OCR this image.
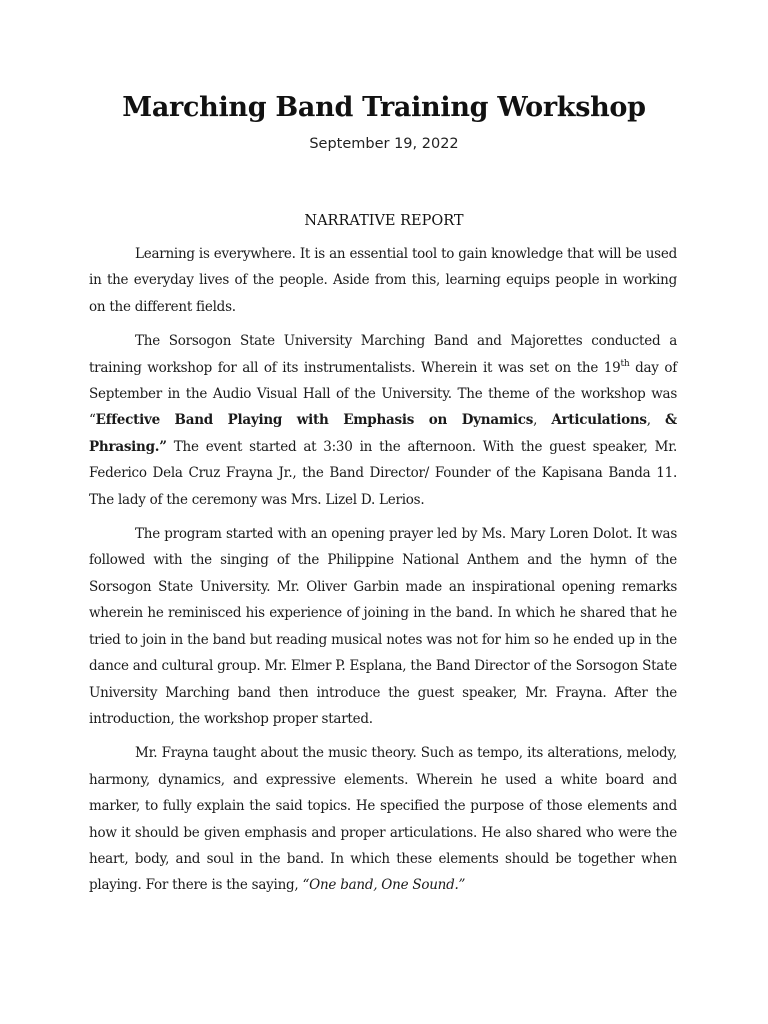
Marching Band Training Workshop
September 19, 2022
NARRATIVE REPORT

Learning is everywhere. It is an essential tool to gain knowledge that will be used in the everyday lives of the people. Aside from this, learning equips people in working on the different fields.

The Sorsogon State University Marching Band and Majorettes conducted a training workshop for all of its instrumentalists. Wherein it was set on the 19th day of September in the Audio Visual Hall of the University. The theme of the workshop was “Effective Band Playing with Emphasis on Dynamics, Articulations, & Phrasing.” The event started at 3:30 in the afternoon. With the guest speaker, Mr. Federico Dela Cruz Frayna Jr., the Band Director/ Founder of the Kapisana Banda 11. The lady of the ceremony was Mrs. Lizel D. Lerios.

The program started with an opening prayer led by Ms. Mary Loren Dolot. It was followed with the singing of the Philippine National Anthem and the hymn of the Sorsogon State University. Mr. Oliver Garbin made an inspirational opening remarks wherein he reminisced his experience of joining in the band. In which he shared that he tried to join in the band but reading musical notes was not for him so he ended up in the dance and cultural group. Mr. Elmer P. Esplana, the Band Director of the Sorsogon State University Marching band then introduce the guest speaker, Mr. Frayna. After the introduction, the workshop proper started.

Mr. Frayna taught about the music theory. Such as tempo, its alterations, melody, harmony, dynamics, and expressive elements. Wherein he used a white board and marker, to fully explain the said topics. He specified the purpose of those elements and how it should be given emphasis and proper articulations. He also shared who were the heart, body, and soul in the band. In which these elements should be together when playing. For there is the saying, “One band, One Sound.”
